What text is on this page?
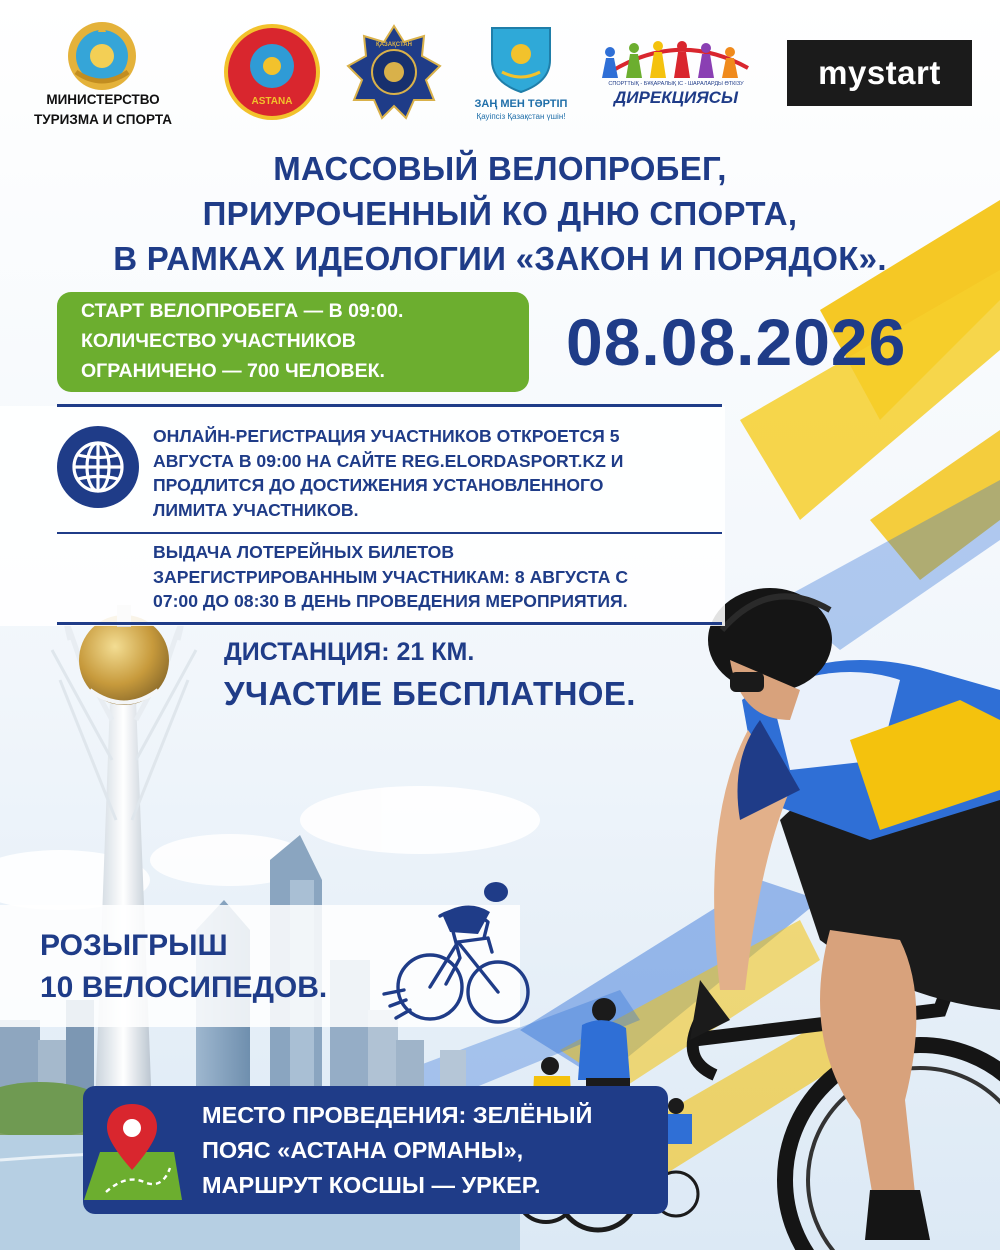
МИНИСТЕРСТВО
ТУРИЗМА И СПОРТА
ASTANA
ҚАЗАҚСТАН
ЗАҢ МЕН ТӘРТІП
Қауіпсіз Қазақстан үшін!
СПОРТТЫҚ - БҰҚАРАЛЫҚ ІС - ШАРАЛАРДЫ ӨТКІЗУ
ДИРЕКЦИЯСЫ
mystart
МАССОВЫЙ ВЕЛОПРОБЕГ,
ПРИУРОЧЕННЫЙ КО ДНЮ СПОРТА,
В РАМКАХ ИДЕОЛОГИИ «ЗАКОН И ПОРЯДОК».
СТАРТ ВЕЛОПРОБЕГА — В 09:00.
КОЛИЧЕСТВО УЧАСТНИКОВ
ОГРАНИЧЕНО — 700 ЧЕЛОВЕК.	08.08.2026
ОНЛАЙН-РЕГИСТРАЦИЯ УЧАСТНИКОВ ОТКРОЕТСЯ 5
АВГУСТА В 09:00 НА САЙТЕ REG.ELORDASPORT.KZ И
ПРОДЛИТСЯ ДО ДОСТИЖЕНИЯ УСТАНОВЛЕННОГО
ЛИМИТА УЧАСТНИКОВ.
ВЫДАЧА ЛОТЕРЕЙНЫХ БИЛЕТОВ
ЗАРЕГИСТРИРОВАННЫМ УЧАСТНИКАМ: 8 АВГУСТА С
07:00 ДО 08:30 В ДЕНЬ ПРОВЕДЕНИЯ МЕРОПРИЯТИЯ.
ДИСТАНЦИЯ: 21 КМ.
УЧАСТИЕ БЕСПЛАТНОЕ.
РОЗЫГРЫШ
10 ВЕЛОСИПЕДОВ.
МЕСТО ПРОВЕДЕНИЯ: ЗЕЛЁНЫЙ
ПОЯС «АСТАНА ОРМАНЫ»,
МАРШРУТ КОСШЫ — УРКЕР.
